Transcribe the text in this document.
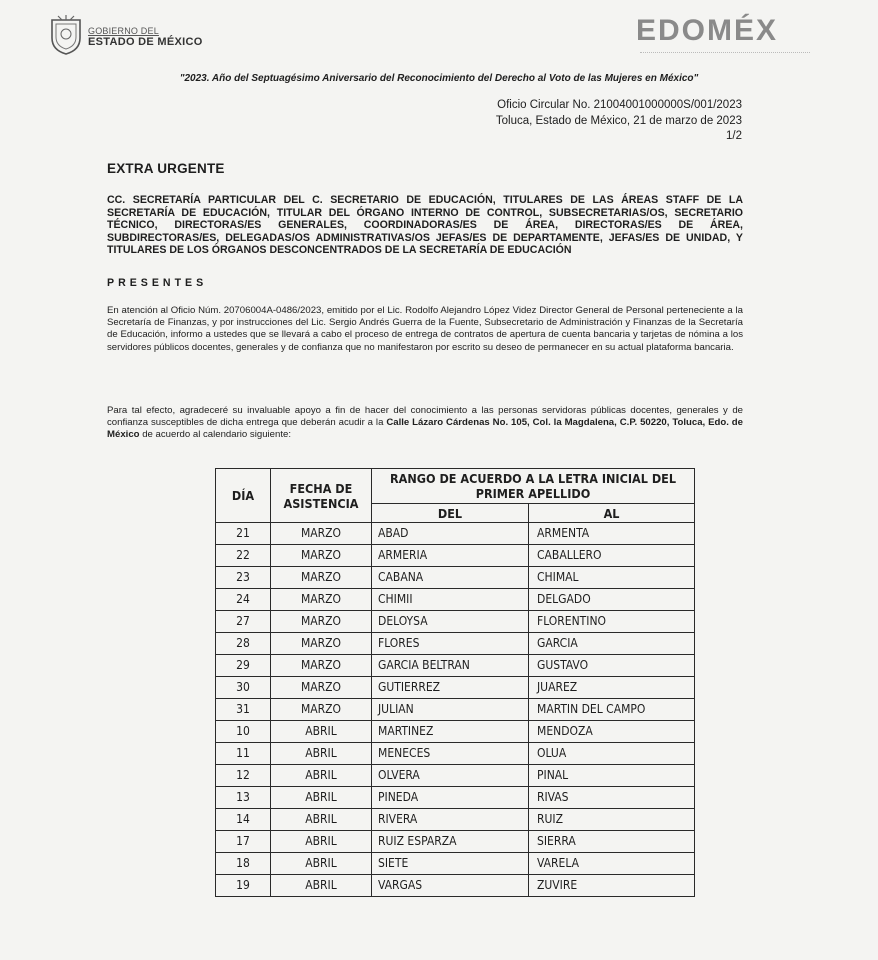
GOBIERNO DEL
ESTADO DE MÉXICO	EDOMÉX
"2023. Año del Septuagésimo Aniversario del Reconocimiento del Derecho al Voto de las Mujeres en México"
Oficio Circular No. 21004001000000S/001/2023
Toluca, Estado de México, 21 de marzo de 2023
1/2
EXTRA URGENTE
CC. SECRETARÍA PARTICULAR DEL C. SECRETARIO DE EDUCACIÓN, TITULARES DE LAS ÁREAS STAFF DE LA SECRETARÍA DE EDUCACIÓN, TITULAR DEL ÓRGANO INTERNO DE CONTROL, SUBSECRETARIAS/OS, SECRETARIO TÉCNICO, DIRECTORAS/ES GENERALES, COORDINADORAS/ES DE ÁREA, DIRECTORAS/ES DE ÁREA, SUBDIRECTORAS/ES, DELEGADAS/OS ADMINISTRATIVAS/OS JEFAS/ES DE DEPARTAMENTE, JEFAS/ES DE UNIDAD, Y TITULARES DE LOS ÓRGANOS DESCONCENTRADOS DE LA SECRETARÍA DE EDUCACIÓN
PRESENTES
En atención al Oficio Núm. 20706004A-0486/2023, emitido por el Lic. Rodolfo Alejandro López Videz Director General de Personal perteneciente a la Secretaría de Finanzas, y por instrucciones del Lic. Sergio Andrés Guerra de la Fuente, Subsecretario de Administración y Finanzas de la Secretaría de Educación, informo a ustedes que se llevará a cabo el proceso de entrega de contratos de apertura de cuenta bancaria y tarjetas de nómina a los servidores públicos docentes, generales y de confianza que no manifestaron por escrito su deseo de permanecer en su actual plataforma bancaria.
Para tal efecto, agradeceré su invaluable apoyo a fin de hacer del conocimiento a las personas servidoras públicas docentes, generales y de confianza susceptibles de dicha entrega que deberán acudir a la Calle Lázaro Cárdenas No. 105, Col. la Magdalena, C.P. 50220, Toluca, Edo. de México de acuerdo al calendario siguiente:
DÍA	FECHA DE ASISTENCIA	RANGO DE ACUERDO A LA LETRA INICIAL DEL PRIMER APELLIDO	
		DEL	AL
21	MARZO	ABAD	ARMENTA
22	MARZO	ARMERIA	CABALLERO
23	MARZO	CABANA	CHIMAL
24	MARZO	CHIMII	DELGADO
27	MARZO	DELOYSA	FLORENTINO
28	MARZO	FLORES	GARCIA
29	MARZO	GARCIA BELTRAN	GUSTAVO
30	MARZO	GUTIERREZ	JUAREZ
31	MARZO	JULIAN	MARTIN DEL CAMPO
10	ABRIL	MARTINEZ	MENDOZA
11	ABRIL	MENECES	OLUA
12	ABRIL	OLVERA	PINAL
13	ABRIL	PINEDA	RIVAS
14	ABRIL	RIVERA	RUIZ
17	ABRIL	RUIZ ESPARZA	SIERRA
18	ABRIL	SIETE	VARELA
19	ABRIL	VARGAS	ZUVIRE
